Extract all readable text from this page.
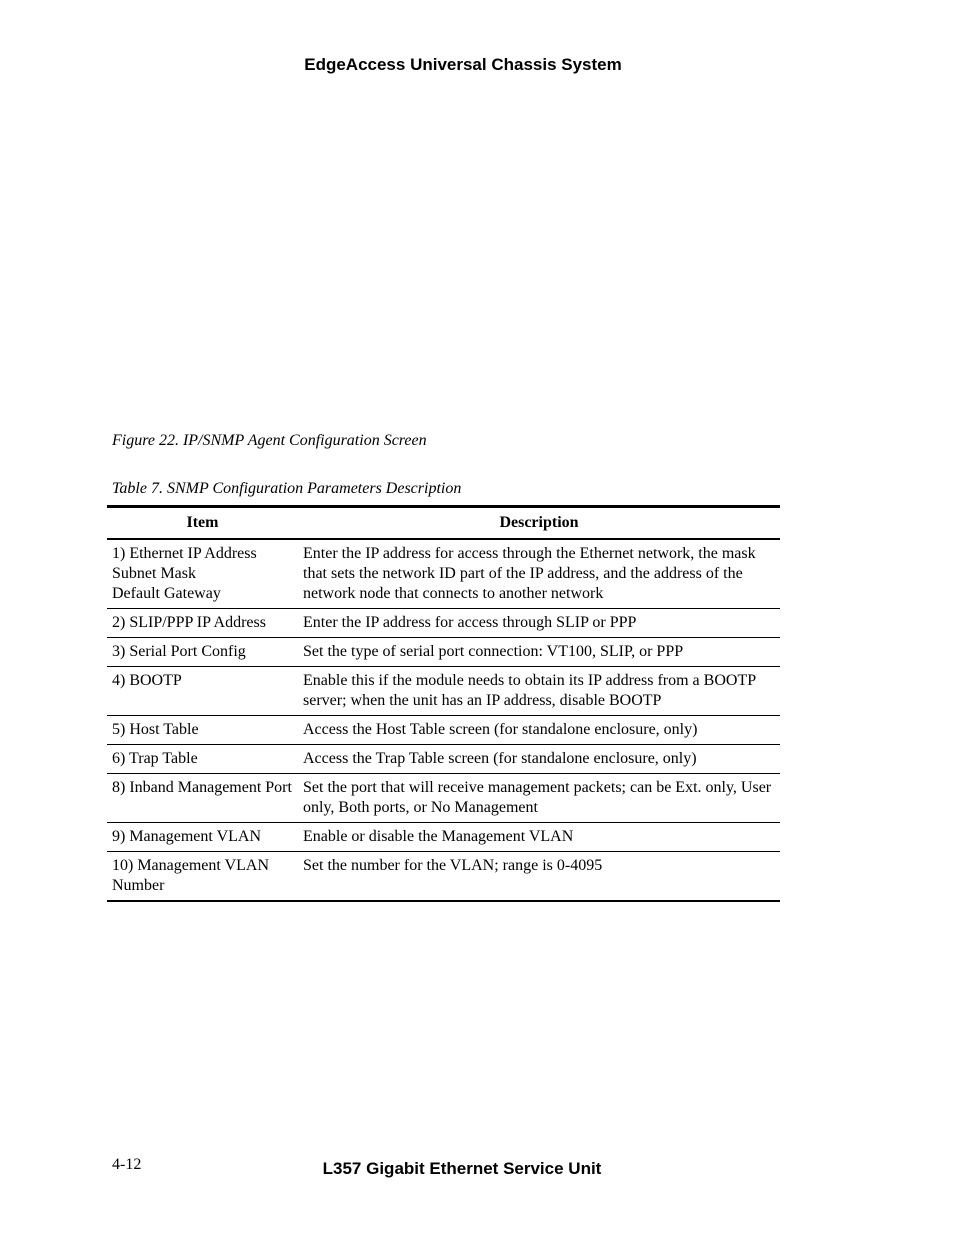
EdgeAccess Universal Chassis System
Figure 22. IP/SNMP Agent Configuration Screen
Table 7. SNMP Configuration Parameters Description
Item	Description

1) Ethernet IP Address
Subnet Mask
Default Gateway	Enter the IP address for access through the Ethernet network, the mask that sets the network ID part of the IP address, and the address of the network node that connects to another network
2) SLIP/PPP IP Address	Enter the IP address for access through SLIP or PPP
3) Serial Port Config	Set the type of serial port connection: VT100, SLIP, or PPP
4) BOOTP	Enable this if the module needs to obtain its IP address from a BOOTP server; when the unit has an IP address, disable BOOTP
5) Host Table	Access the Host Table screen (for standalone enclosure, only)
6) Trap Table	Access the Trap Table screen (for standalone enclosure, only)
8) Inband Management Port	Set the port that will receive management packets; can be Ext. only, User only, Both ports, or No Management
9) Management VLAN	Enable or disable the Management VLAN
10) Management VLAN Number	Set the number for the VLAN; range is 0-4095
4-12	L357 Gigabit Ethernet Service Unit
